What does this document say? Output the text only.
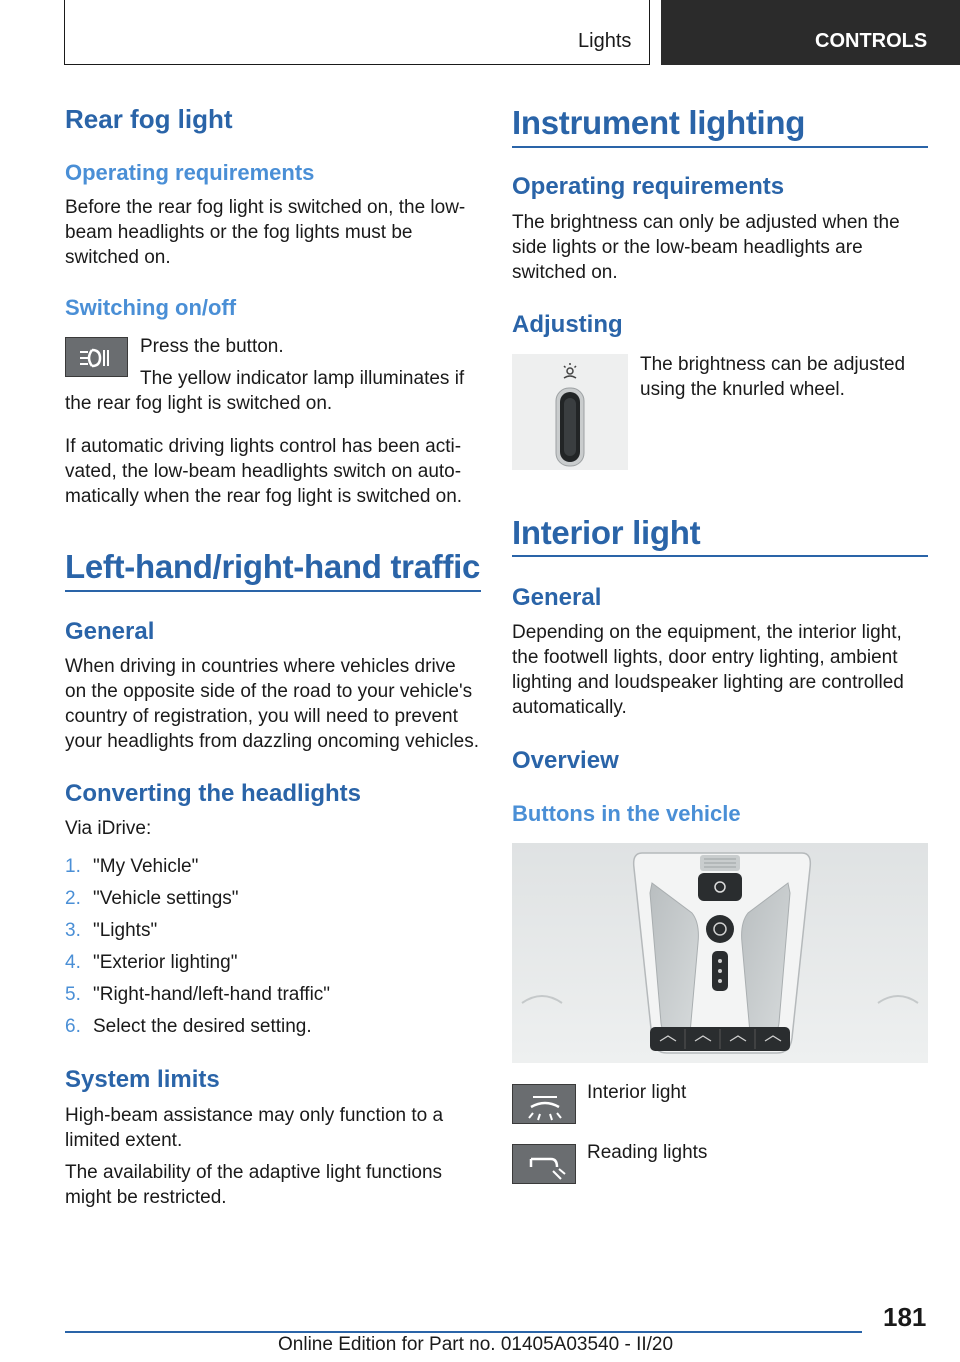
Lights	CONTROLS
Rear fog light
Operating requirements
Before the rear fog light is switched on, the low-
beam headlights or the fog lights must be
switched on.
Switching on/off
Press the button.
The yellow indicator lamp illuminates if
the rear fog light is switched on.
If automatic driving lights control has been acti-
vated, the low-beam headlights switch on auto-
matically when the rear fog light is switched on.
Left-hand/right-hand traffic
General
When driving in countries where vehicles drive
on the opposite side of the road to your vehicle's
country of registration, you will need to prevent
your headlights from dazzling oncoming vehicles.
Converting the headlights
Via iDrive:
1. "My Vehicle"
2. "Vehicle settings"
3. "Lights"
4. "Exterior lighting"
5. "Right-hand/left-hand traffic"
6. Select the desired setting.
System limits
High-beam assistance may only function to a
limited extent.
The availability of the adaptive light functions
might be restricted.
Instrument lighting
Operating requirements
The brightness can only be adjusted when the
side lights or the low-beam headlights are
switched on.
Adjusting
The brightness can be adjusted
using the knurled wheel.
Interior light
General
Depending on the equipment, the interior light,
the footwell lights, door entry lighting, ambient
lighting and loudspeaker lighting are controlled
automatically.
Overview
Buttons in the vehicle
Interior light
Reading lights
181
Online Edition for Part no. 01405A03540 - II/20
